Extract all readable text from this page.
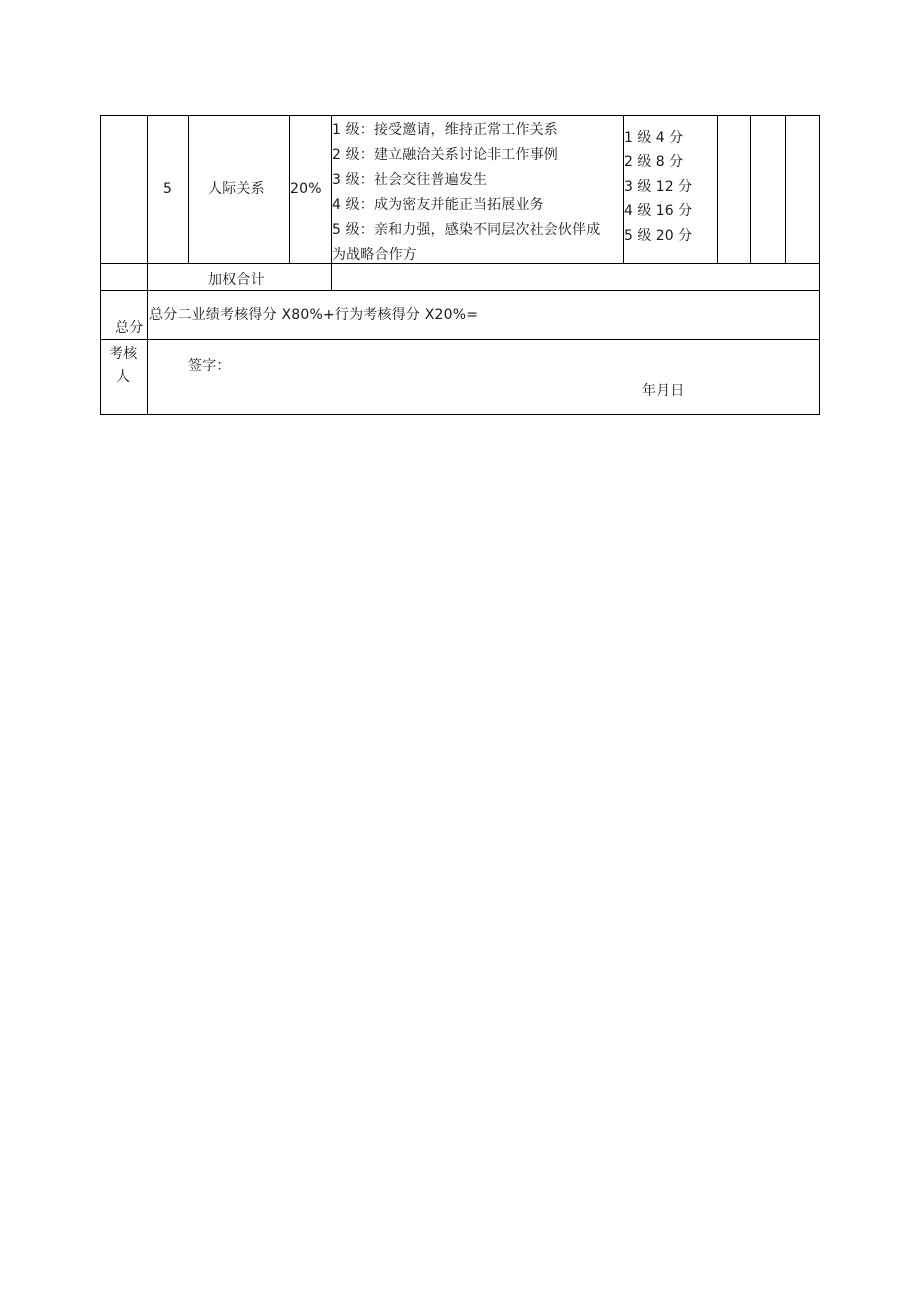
5	人际关系 20%
1 级：接受邀请，维持正常工作关系
2 级：建立融洽关系讨论非工作事例
3 级：社会交往普遍发生
4 级：成为密友并能正当拓展业务
5 级：亲和力强，感染不同层次社会伙伴成
为战略合作方
1 级 4 分
2 级 8 分
3 级 12 分
4 级 16 分
5 级 20 分
加权合计
总分二业绩考核得分 X80%+行为考核得分 X20%=
总分
考核
人
签字：
年月日
